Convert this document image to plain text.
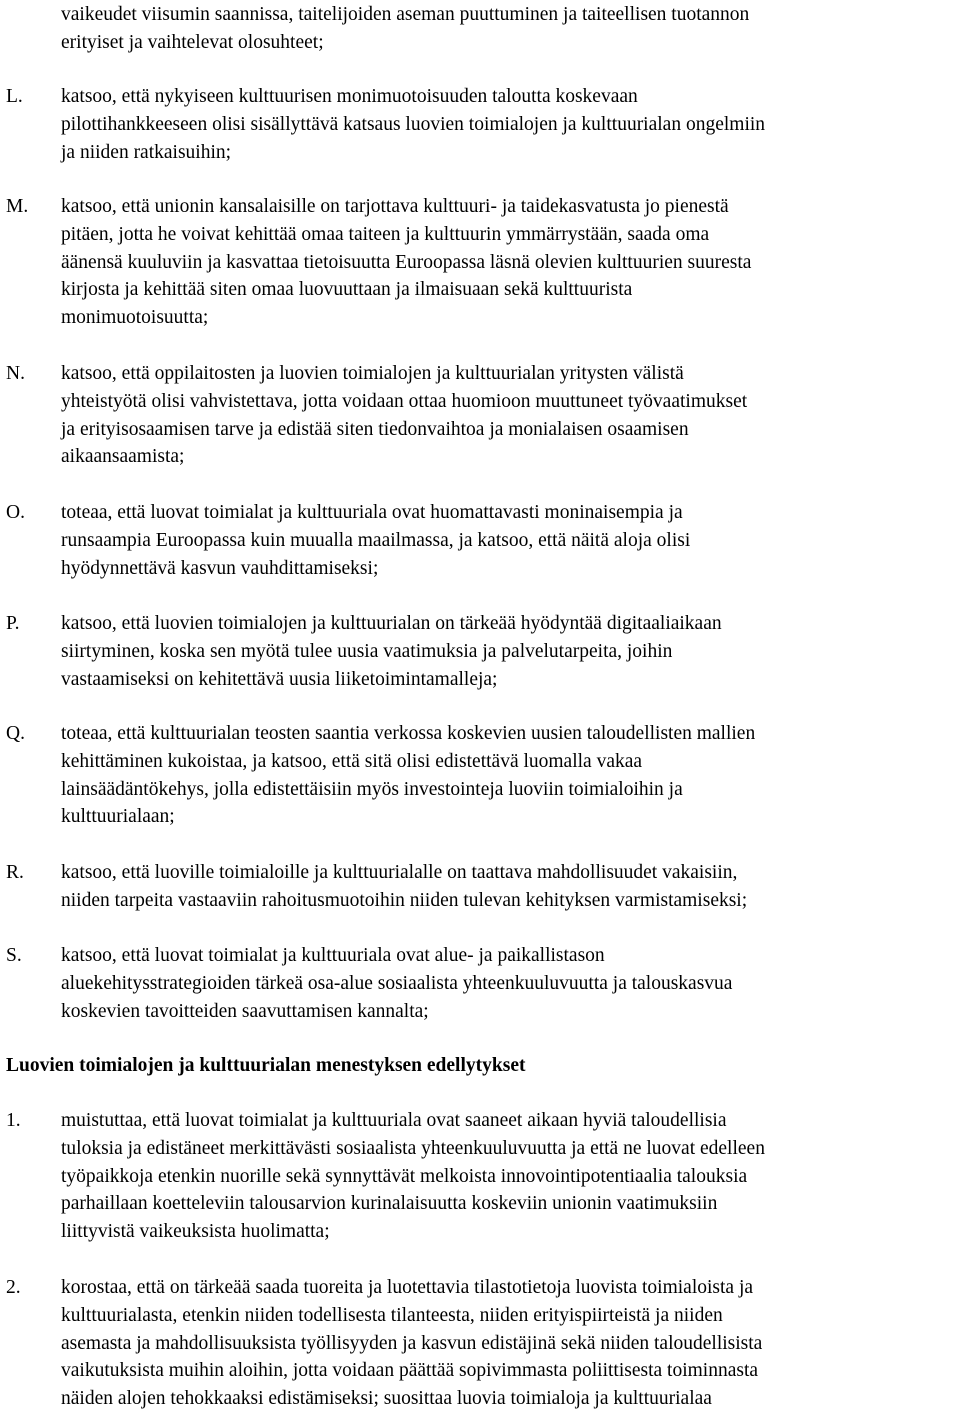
vaikeudet viisumin saannissa, taitelijoiden aseman puuttuminen ja taiteellisen tuotannon
erityiset ja vaihtelevat olosuhteet;
L. katsoo, että nykyiseen kulttuurisen monimuotoisuuden taloutta koskevaan
pilottihankkeeseen olisi sisällyttävä katsaus luovien toimialojen ja kulttuurialan ongelmiin
ja niiden ratkaisuihin;
M. katsoo, että unionin kansalaisille on tarjottava kulttuuri- ja taidekasvatusta jo pienestä
pitäen, jotta he voivat kehittää omaa taiteen ja kulttuurin ymmärrystään, saada oma
äänensä kuuluviin ja kasvattaa tietoisuutta Euroopassa läsnä olevien kulttuurien suuresta
kirjosta ja kehittää siten omaa luovuuttaan ja ilmaisuaan sekä kulttuurista
monimuotoisuutta;
N. katsoo, että oppilaitosten ja luovien toimialojen ja kulttuurialan yritysten välistä
yhteistyötä olisi vahvistettava, jotta voidaan ottaa huomioon muuttuneet työvaatimukset
ja erityisosaamisen tarve ja edistää siten tiedonvaihtoa ja monialaisen osaamisen
aikaansaamista;
O. toteaa, että luovat toimialat ja kulttuuriala ovat huomattavasti moninaisempia ja
runsaampia Euroopassa kuin muualla maailmassa, ja katsoo, että näitä aloja olisi
hyödynnettävä kasvun vauhdittamiseksi;
P. katsoo, että luovien toimialojen ja kulttuurialan on tärkeää hyödyntää digitaaliaikaan
siirtyminen, koska sen myötä tulee uusia vaatimuksia ja palvelutarpeita, joihin
vastaamiseksi on kehitettävä uusia liiketoimintamalleja;
Q. toteaa, että kulttuurialan teosten saantia verkossa koskevien uusien taloudellisten mallien
kehittäminen kukoistaa, ja katsoo, että sitä olisi edistettävä luomalla vakaa
lainsäädäntökehys, jolla edistettäisiin myös investointeja luoviin toimialoihin ja
kulttuurialaan;
R. katsoo, että luoville toimialoille ja kulttuurialalle on taattava mahdollisuudet vakaisiin,
niiden tarpeita vastaaviin rahoitusmuotoihin niiden tulevan kehityksen varmistamiseksi;
S. katsoo, että luovat toimialat ja kulttuuriala ovat alue- ja paikallistason
aluekehitysstrategioiden tärkeä osa-alue sosiaalista yhteenkuuluvuutta ja talouskasvua
koskevien tavoitteiden saavuttamisen kannalta;
Luovien toimialojen ja kulttuurialan menestyksen edellytykset
1. muistuttaa, että luovat toimialat ja kulttuuriala ovat saaneet aikaan hyviä taloudellisia
tuloksia ja edistäneet merkittävästi sosiaalista yhteenkuuluvuutta ja että ne luovat edelleen
työpaikkoja etenkin nuorille sekä synnyttävät melkoista innovointipotentiaalia talouksia
parhaillaan koetteleviin talousarvion kurinalaisuutta koskeviin unionin vaatimuksiin
liittyvistä vaikeuksista huolimatta;
2. korostaa, että on tärkeää saada tuoreita ja luotettavia tilastotietoja luovista toimialoista ja
kulttuurialasta, etenkin niiden todellisesta tilanteesta, niiden erityispiirteistä ja niiden
asemasta ja mahdollisuuksista työllisyyden ja kasvun edistäjinä sekä niiden taloudellisista
vaikutuksista muihin aloihin, jotta voidaan päättää sopivimmasta poliittisesta toiminnasta
näiden alojen tehokkaaksi edistämiseksi; suosittaa luovia toimialoja ja kulttuurialaa
